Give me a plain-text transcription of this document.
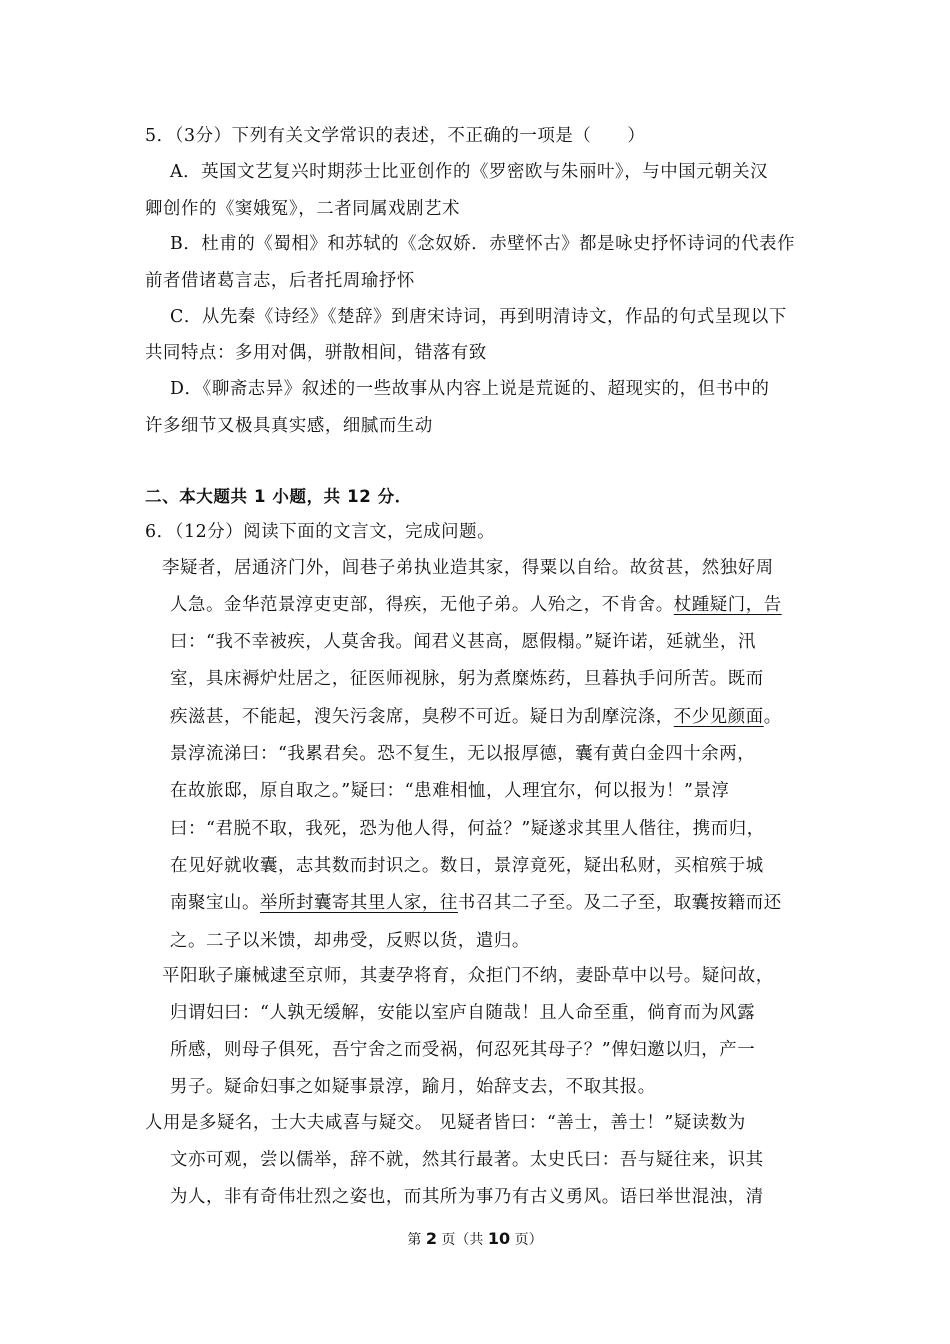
5．（3分）下列有关文学常识的表述，不正确的一项是（　　）
A．英国文艺复兴时期莎士比亚创作的《罗密欧与朱丽叶》，与中国元朝关汉
卿创作的《窦娥冤》，二者同属戏剧艺术
B．杜甫的《蜀相》和苏轼的《念奴娇．赤壁怀古》都是咏史抒怀诗词的代表作
前者借诸葛言志，后者托周瑜抒怀
C．从先秦《诗经》《楚辞》到唐宋诗词，再到明清诗文，作品的句式呈现以下
共同特点：多用对偶，骈散相间，错落有致
D．《聊斋志异》叙述的一些故事从内容上说是荒诞的、超现实的，但书中的
许多细节又极具真实感，细腻而生动
二、本大题共 1 小题，共 12 分．
6．（12分）阅读下面的文言文，完成问题。
李疑者，居通济门外，闾巷子弟执业造其家，得粟以自给。故贫甚，然独好周
人急。金华范景淳吏吏部，得疾，无他子弟。人殆之，不肯舍。杖踵疑门，告
曰：“我不幸被疾，人莫舍我。闻君义甚高，愿假榻。”疑许诺，延就坐，汛
室，具床褥炉灶居之，征医师视脉，躬为煮糜炼药，旦暮执手问所苦。既而
疾滋甚，不能起，溲矢污衾席，臭秽不可近。疑日为刮摩浣涤，不少见颜面。
景淳流涕曰：“我累君矣。恐不复生，无以报厚德，囊有黄白金四十余两，
在故旅邸，原自取之。”疑曰：“患难相恤，人理宜尔，何以报为！”景淳
曰：“君脱不取，我死，恐为他人得，何益？”疑遂求其里人偕往，携而归，
在见好就收囊，志其数而封识之。数日，景淳竟死，疑出私财，买棺殡于城
南聚宝山。举所封囊寄其里人家，往书召其二子至。及二子至，取囊按籍而还
之。二子以米馈，却弗受，反赆以货，遣归。
平阳耿子廉械逮至京师，其妻孕将育，众拒门不纳，妻卧草中以号。疑问故，
归谓妇曰：“人孰无缓解，安能以室庐自随哉！且人命至重，倘育而为风露
所感，则母子俱死，吾宁舍之而受祸，何忍死其母子？”俾妇邀以归，产一
男子。疑命妇事之如疑事景淳，踰月，始辞支去，不取其报。
人用是多疑名，士大夫咸喜与疑交。 见疑者皆曰：“善士，善士！”疑读数为
文亦可观，尝以儒举，辞不就，然其行最著。太史氏曰：吾与疑往来，识其
为人，非有奇伟壮烈之姿也，而其所为事乃有古义勇风。语曰举世混浊，清
第 2 页（共 10 页）
